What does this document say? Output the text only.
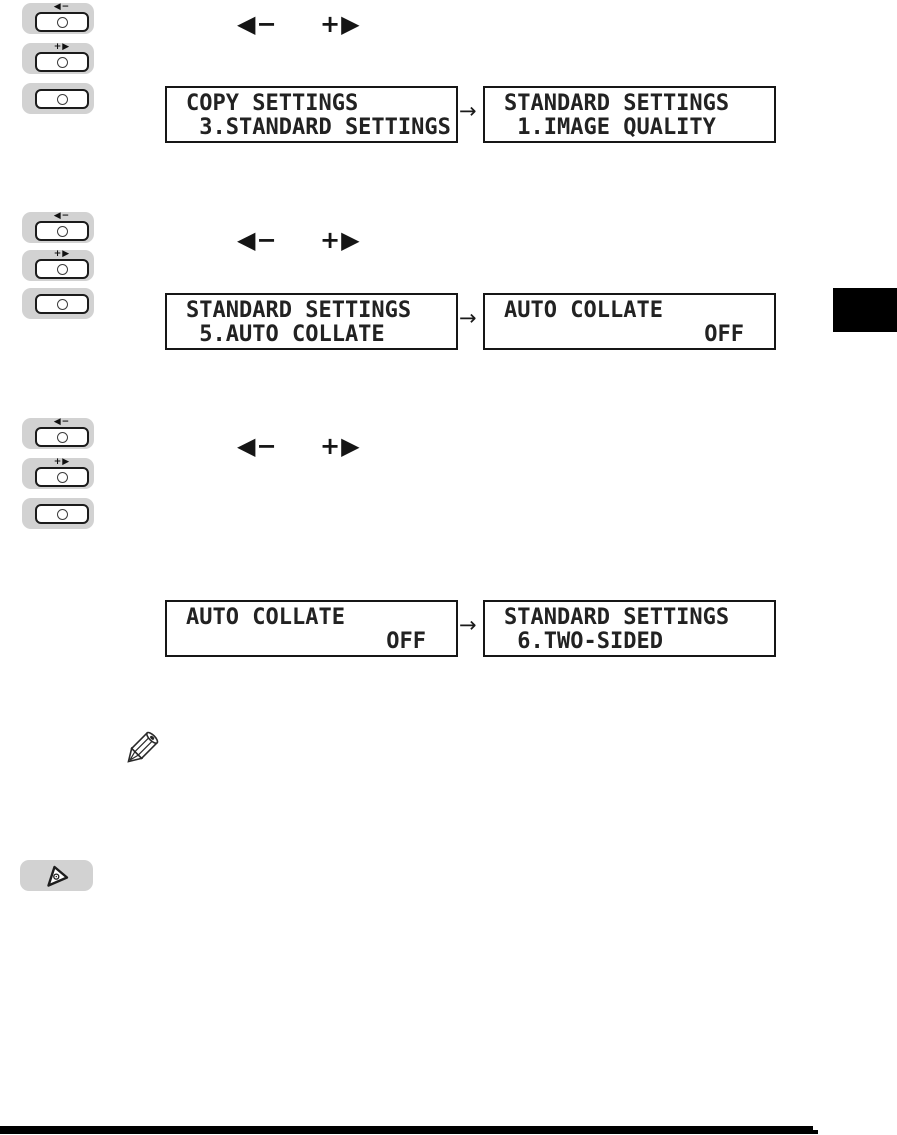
◀−
+▶
◀− +▶
COPY SETTINGS
3.STANDARD SETTINGS
→ STANDARD SETTINGS
1.IMAGE QUALITY
◀−
+▶	◀− +▶
STANDARD SETTINGS
5.AUTO COLLATE
→ AUTO COLLATE
OFF
◀−
+▶
◀− +▶
AUTO COLLATE
OFF
→ STANDARD SETTINGS
6.TWO-SIDED
